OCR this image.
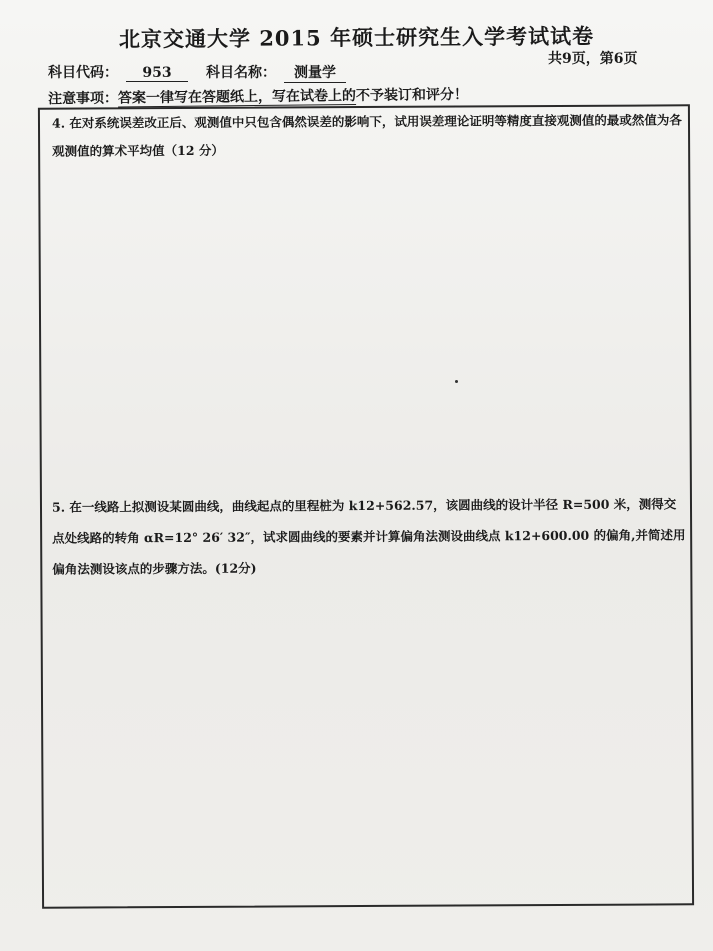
北京交通大学 2015 年硕士研究生入学考试试卷
共9页，第6页
科目代码： 953 科目名称： 测量学
注意事项：答案一律写在答题纸上，写在试卷上的不予装订和评分！
4. 在对系统误差改正后、观测值中只包含偶然误差的影响下，试用误差理论证明等精度直接观测值的最或然值为各观测值的算术平均值（12 分）
5. 在一线路上拟测设某圆曲线，曲线起点的里程桩为 k12+562.57，该圆曲线的设计半径 R=500 米，测得交点处线路的转角 αR=12° 26′ 32″，试求圆曲线的要素并计算偏角法测设曲线点 k12+600.00 的偏角,并简述用偏角法测设该点的步骤方法。(12分)
